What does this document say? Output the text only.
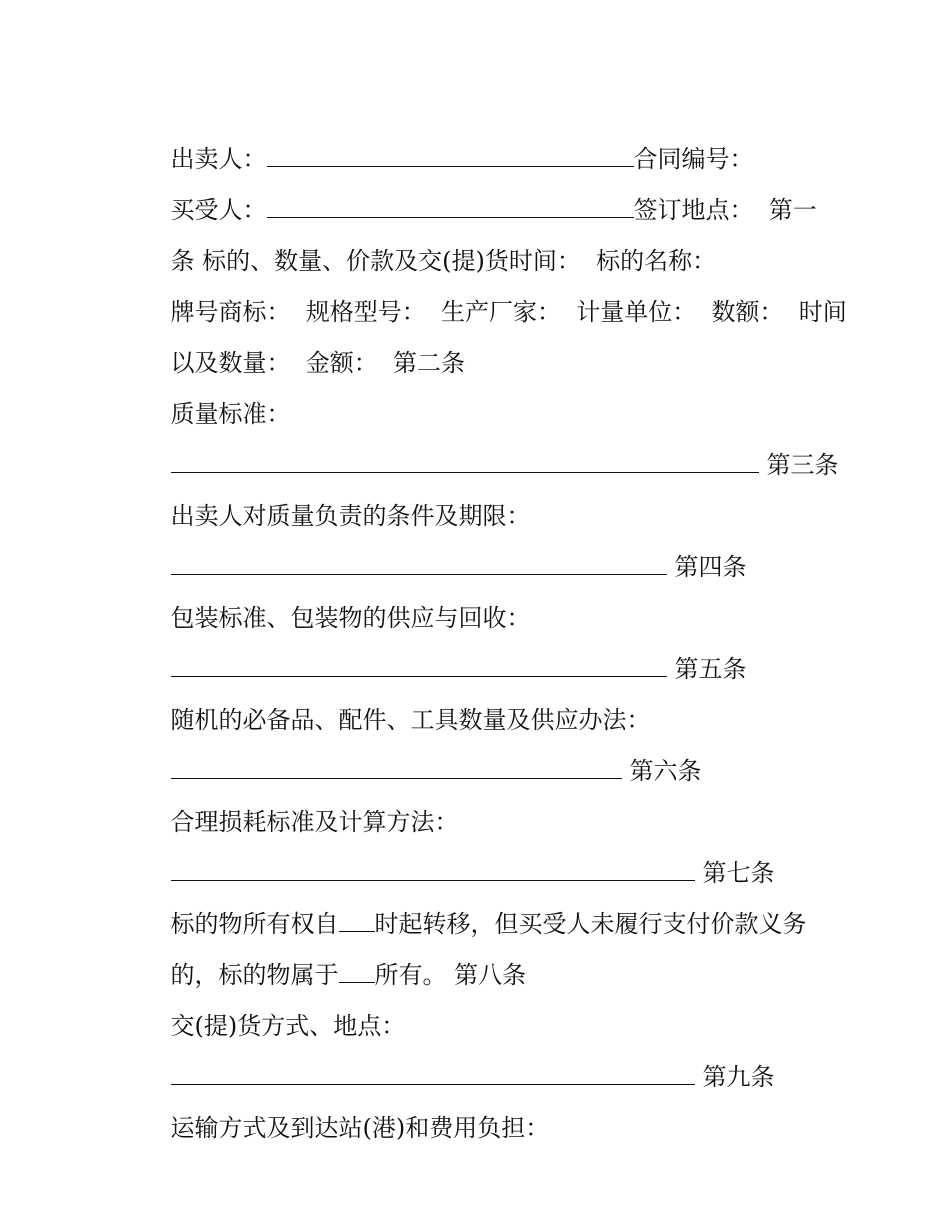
出卖人：	合同编号：

买受人：	签订地点：  第一

条 标的、数量、价款及交(提)货时间：  标的名称：

牌号商标：  规格型号：  生产厂家：  计量单位：  数额：  时间

以及数量：  金额：  第二条

质量标准：

第三条

出卖人对质量负责的条件及期限：

第四条

包装标准、包装物的供应与回收：

第五条

随机的必备品、配件、工具数量及供应办法：

第六条

合理损耗标准及计算方法：

第七条

标的物所有权自 时起转移，但买受人未履行支付价款义务

的，标的物属于 所有。 第八条

交(提)货方式、地点：

第九条

运输方式及到达站(港)和费用负担：
